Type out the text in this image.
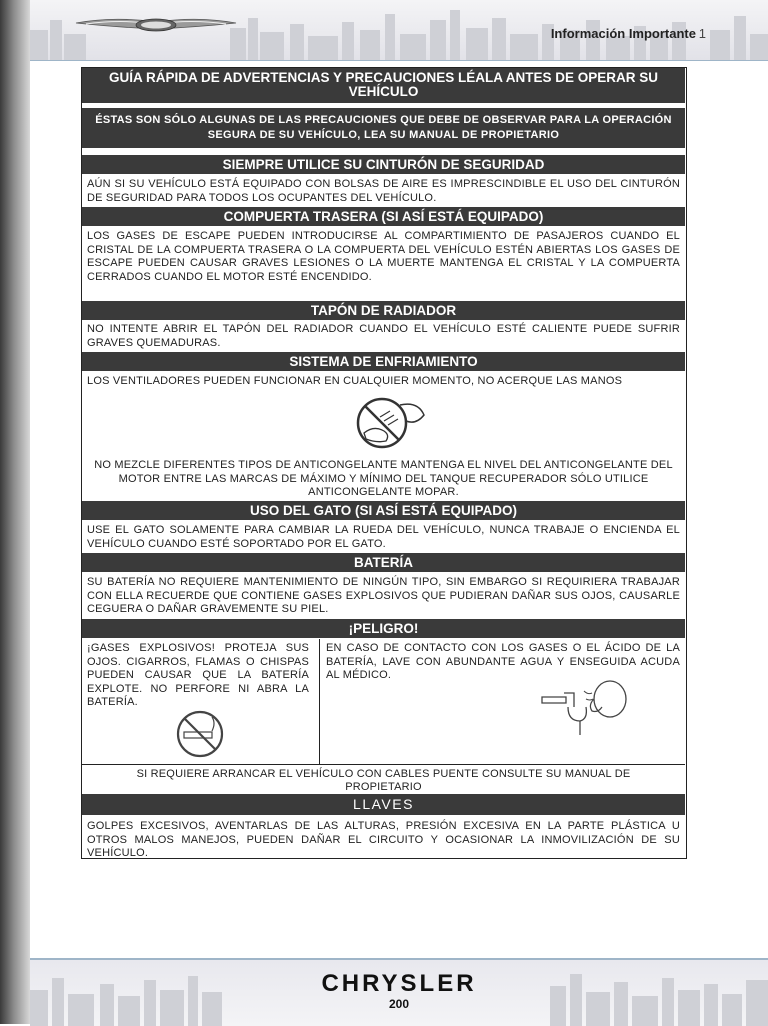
Información Importante 1
GUÍA RÁPIDA DE ADVERTENCIAS Y PRECAUCIONES LÉALA ANTES DE OPERAR SU VEHÍCULO
ÉSTAS SON SÓLO ALGUNAS DE LAS PRECAUCIONES QUE DEBE DE OBSERVAR PARA LA OPERACIÓN SEGURA DE SU VEHÍCULO, LEA SU MANUAL DE PROPIETARIO
SIEMPRE UTILICE SU CINTURÓN DE SEGURIDAD
AÚN SI SU VEHÍCULO ESTÁ EQUIPADO CON BOLSAS DE AIRE ES IMPRESCINDIBLE EL USO DEL CINTURÓN DE SEGURIDAD PARA TODOS LOS OCUPANTES DEL VEHÍCULO.
COMPUERTA TRASERA (SI ASÍ ESTÁ EQUIPADO)
LOS GASES DE ESCAPE PUEDEN INTRODUCIRSE AL COMPARTIMIENTO DE PASAJEROS CUANDO EL CRISTAL DE LA COMPUERTA TRASERA O LA COMPUERTA DEL VEHÍCULO ESTÉN ABIERTAS LOS GASES DE ESCAPE PUEDEN CAUSAR GRAVES LESIONES O LA MUERTE MANTENGA EL CRISTAL Y LA COMPUERTA CERRADOS CUANDO EL MOTOR ESTÉ ENCENDIDO.
TAPÓN DE RADIADOR
NO INTENTE ABRIR EL TAPÓN DEL RADIADOR CUANDO EL VEHÍCULO ESTÉ CALIENTE PUEDE SUFRIR GRAVES QUEMADURAS.
SISTEMA DE ENFRIAMIENTO
LOS VENTILADORES PUEDEN FUNCIONAR EN CUALQUIER MOMENTO, NO ACERQUE LAS MANOS
NO MEZCLE DIFERENTES TIPOS DE ANTICONGELANTE MANTENGA EL NIVEL DEL ANTICONGELANTE DEL MOTOR ENTRE LAS MARCAS DE MÁXIMO Y MÍNIMO DEL TANQUE RECUPERADOR SÓLO UTILICE ANTICONGELANTE MOPAR.
USO DEL GATO (SI ASÍ ESTÁ EQUIPADO)
USE EL GATO SOLAMENTE PARA CAMBIAR LA RUEDA DEL VEHÍCULO, NUNCA TRABAJE O ENCIENDA EL VEHÍCULO CUANDO ESTÉ SOPORTADO POR EL GATO.
BATERÍA
SU BATERÍA NO REQUIERE MANTENIMIENTO DE NINGÚN TIPO, SIN EMBARGO SI REQUIRIERA TRABAJAR CON ELLA RECUERDE QUE CONTIENE GASES EXPLOSIVOS QUE PUDIERAN DAÑAR SUS OJOS, CAUSARLE CEGUERA O DAÑAR GRAVEMENTE SU PIEL.
¡PELIGRO!
¡GASES EXPLOSIVOS! PROTEJA SUS OJOS. CIGARROS, FLAMAS O CHISPAS PUEDEN CAUSAR QUE LA BATERÍA EXPLOTE. NO PERFORE NI ABRA LA BATERÍA.
EN CASO DE CONTACTO CON LOS GASES O EL ÁCIDO DE LA BATERÍA, LAVE CON ABUNDANTE AGUA Y ENSEGUIDA ACUDA AL MÉDICO.
SI REQUIERE ARRANCAR EL VEHÍCULO CON CABLES PUENTE CONSULTE SU MANUAL DE PROPIETARIO
LLAVES
GOLPES EXCESIVOS, AVENTARLAS DE LAS ALTURAS, PRESIÓN EXCESIVA EN LA PARTE PLÁSTICA U OTROS MALOS MANEJOS, PUEDEN DAÑAR EL CIRCUITO Y OCASIONAR LA INMOVILIZACIÓN DE SU VEHÍCULO.
CHRYSLER
200
